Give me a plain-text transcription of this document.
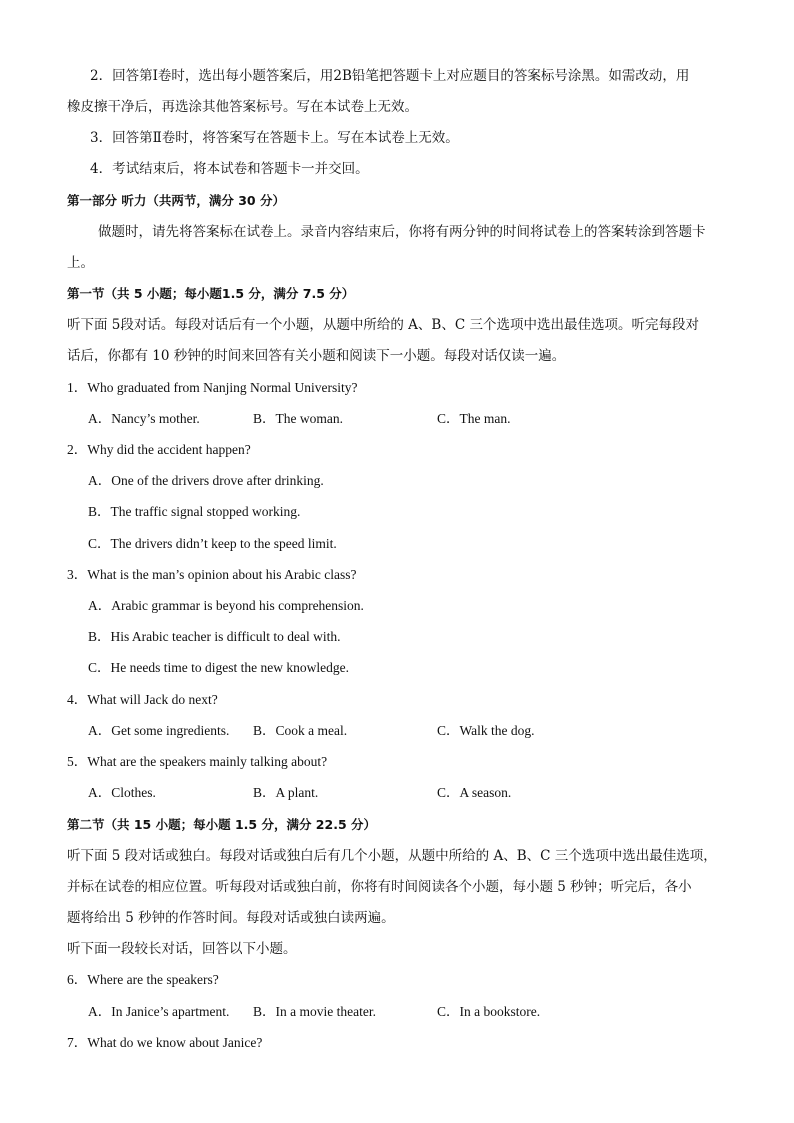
2．回答第Ⅰ卷时，选出每小题答案后，用2B铅笔把答题卡上对应题目的答案标号涂黑。如需改动，用
橡皮擦干净后，再选涂其他答案标号。写在本试卷上无效。
3．回答第Ⅱ卷时，将答案写在答题卡上。写在本试卷上无效。
4．考试结束后，将本试卷和答题卡一并交回。
第一部分 听力（共两节，满分 30 分）
做题时，请先将答案标在试卷上。录音内容结束后，你将有两分钟的时间将试卷上的答案转涂到答题卡
上。
第一节（共 5 小题；每小题1.5 分，满分 7.5 分）
听下面 5段对话。每段对话后有一个小题，从题中所给的 A、B、C 三个选项中选出最佳选项。听完每段对
话后，你都有 10 秒钟的时间来回答有关小题和阅读下一小题。每段对话仅读一遍。
1．Who graduated from Nanjing Normal University?
A．Nancy’s mother.	B．The woman.	C．The man.
2．Why did the accident happen?
A．One of the drivers drove after drinking.
B．The traffic signal stopped working.
C．The drivers didn’t keep to the speed limit.
3．What is the man’s opinion about his Arabic class?
A．Arabic grammar is beyond his comprehension.
B．His Arabic teacher is difficult to deal with.
C．He needs time to digest the new knowledge.
4．What will Jack do next?
A．Get some ingredients. B．Cook a meal.	C．Walk the dog.
5．What are the speakers mainly talking about?
A．Clothes.	B．A plant.	C．A season.
第二节（共 15 小题；每小题 1.5 分，满分 22.5 分）
听下面 5 段对话或独白。每段对话或独白后有几个小题，从题中所给的 A、B、C 三个选项中选出最佳选项，
并标在试卷的相应位置。听每段对话或独白前，你将有时间阅读各个小题，每小题 5 秒钟；听完后，各小
题将给出 5 秒钟的作答时间。每段对话或独白读两遍。
听下面一段较长对话，回答以下小题。
6．Where are the speakers?
A．In Janice’s apartment. B．In a movie theater.	C．In a bookstore.
7．What do we know about Janice?
